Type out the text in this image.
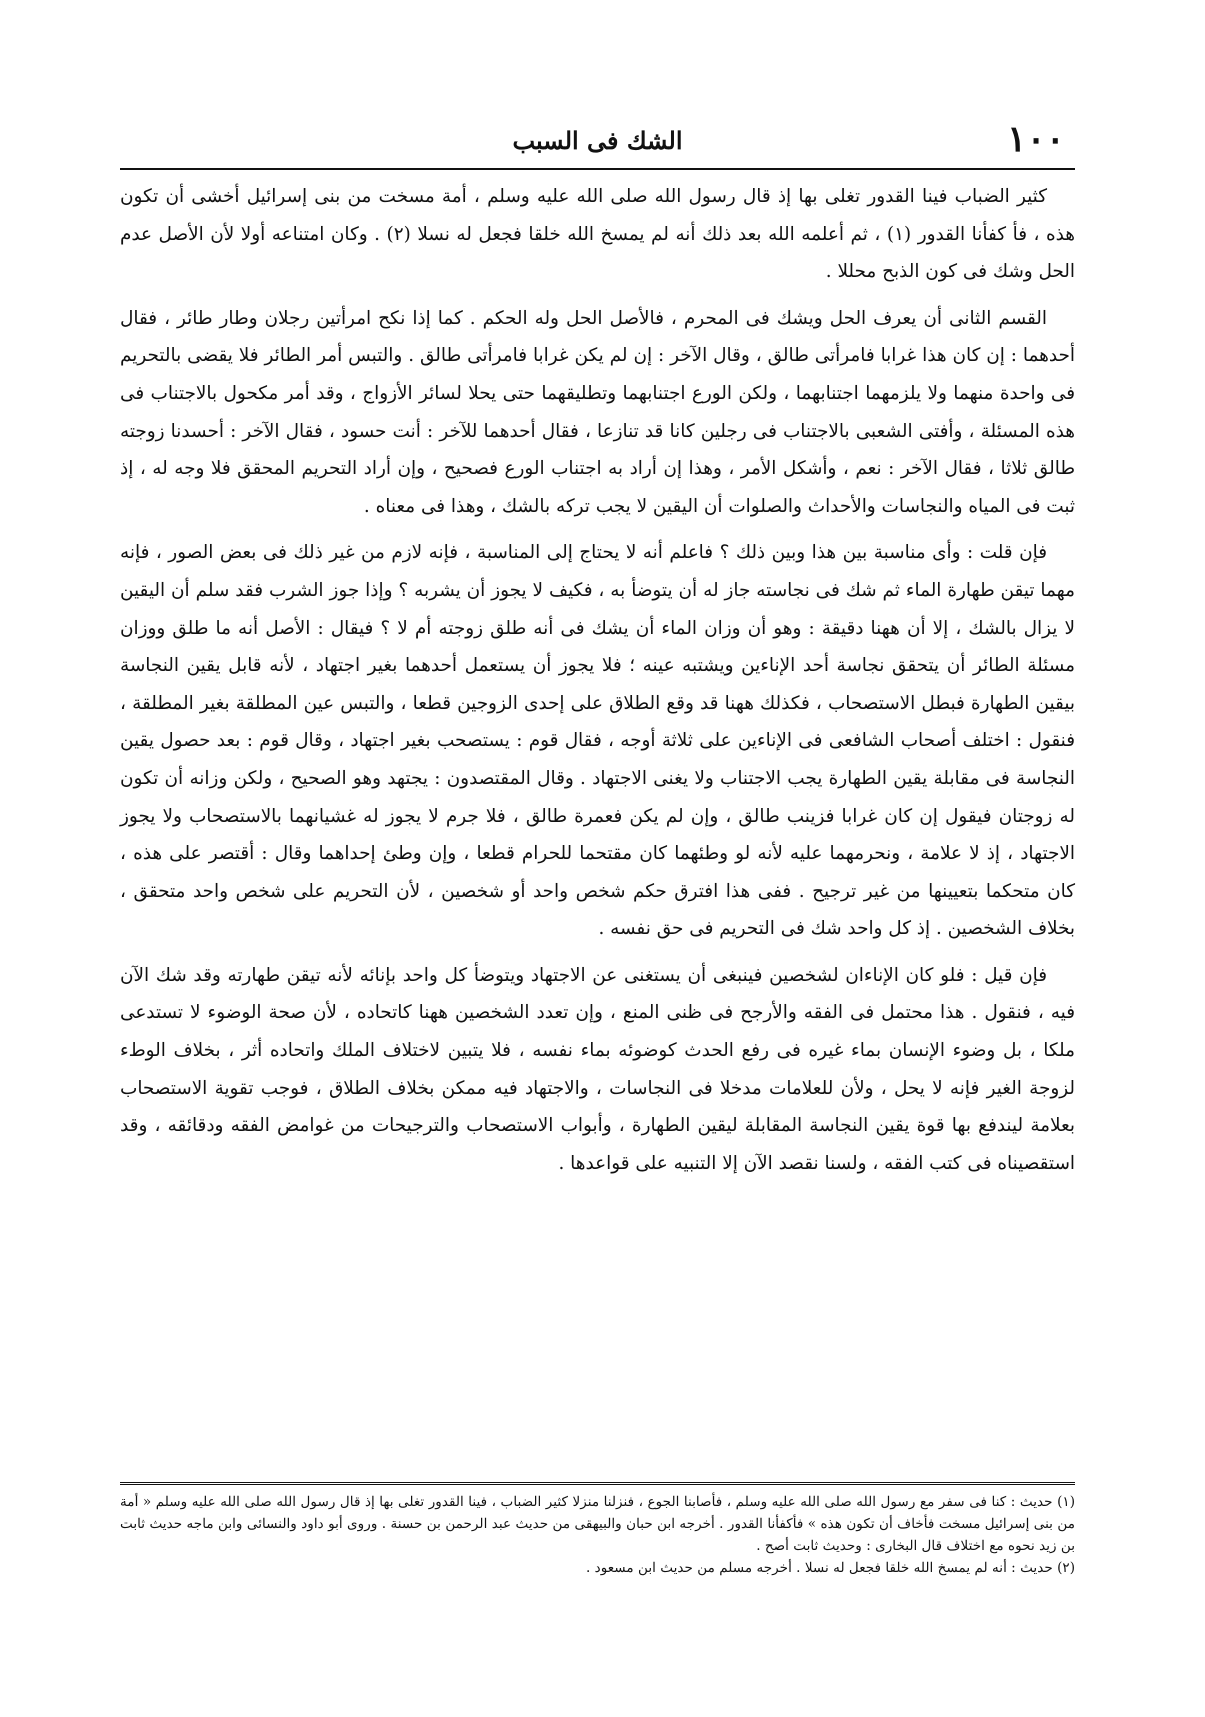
١٠٠
الشك فى السبب

كثير الضباب فينا القدور تغلى بها إذ قال رسول الله صلى الله عليه وسلم ، أمة مسخت من بنى إسرائيل أخشى أن تكون هذه ، فأ كفأنا القدور (١) ، ثم أعلمه الله بعد ذلك أنه لم يمسخ الله خلقا فجعل له نسلا (٢) . وكان امتناعه أولا لأن الأصل عدم الحل وشك فى كون الذبح محللا .

القسم الثانى أن يعرف الحل ويشك فى المحرم ، فالأصل الحل وله الحكم . كما إذا نكح امرأتين رجلان وطار طائر ، فقال أحدهما : إن كان هذا غرابا فامرأتى طالق ، وقال الآخر : إن لم يكن غرابا فامرأتى طالق . والتبس أمر الطائر فلا يقضى بالتحريم فى واحدة منهما ولا يلزمهما اجتنابهما ، ولكن الورع اجتنابهما وتطليقهما حتى يحلا لسائر الأزواج ، وقد أمر مكحول بالاجتناب فى هذه المسئلة ، وأفتى الشعبى بالاجتناب فى رجلين كانا قد تنازعا ، فقال أحدهما للآخر : أنت حسود ، فقال الآخر : أحسدنا زوجته طالق ثلاثا ، فقال الآخر : نعم ، وأشكل الأمر ، وهذا إن أراد به اجتناب الورع فصحيح ، وإن أراد التحريم المحقق فلا وجه له ، إذ ثبت فى المياه والنجاسات والأحداث والصلوات أن اليقين لا يجب تركه بالشك ، وهذا فى معناه .

فإن قلت : وأى مناسبة بين هذا وبين ذلك ؟ فاعلم أنه لا يحتاج إلى المناسبة ، فإنه لازم من غير ذلك فى بعض الصور ، فإنه مهما تيقن طهارة الماء ثم شك فى نجاسته جاز له أن يتوضأ به ، فكيف لا يجوز أن يشربه ؟ وإذا جوز الشرب فقد سلم أن اليقين لا يزال بالشك ، إلا أن ههنا دقيقة : وهو أن وزان الماء أن يشك فى أنه طلق زوجته أم لا ؟ فيقال : الأصل أنه ما طلق ووزان مسئلة الطائر أن يتحقق نجاسة أحد الإناءين ويشتبه عينه ؛ فلا يجوز أن يستعمل أحدهما بغير اجتهاد ، لأنه قابل يقين النجاسة بيقين الطهارة فبطل الاستصحاب ، فكذلك ههنا قد وقع الطلاق على إحدى الزوجين قطعا ، والتبس عين المطلقة بغير المطلقة ، فنقول : اختلف أصحاب الشافعى فى الإناءين على ثلاثة أوجه ، فقال قوم : يستصحب بغير اجتهاد ، وقال قوم : بعد حصول يقين النجاسة فى مقابلة يقين الطهارة يجب الاجتناب ولا يغنى الاجتهاد . وقال المقتصدون : يجتهد وهو الصحيح ، ولكن وزانه أن تكون له زوجتان فيقول إن كان غرابا فزينب طالق ، وإن لم يكن فعمرة طالق ، فلا جرم لا يجوز له غشيانهما بالاستصحاب ولا يجوز الاجتهاد ، إذ لا علامة ، ونحرمهما عليه لأنه لو وطئهما كان مقتحما للحرام قطعا ، وإن وطئ إحداهما وقال : أقتصر على هذه ، كان متحكما بتعيينها من غير ترجيح . ففى هذا افترق حكم شخص واحد أو شخصين ، لأن التحريم على شخص واحد متحقق ، بخلاف الشخصين . إذ كل واحد شك فى التحريم فى حق نفسه .

فإن قيل : فلو كان الإناءان لشخصين فينبغى أن يستغنى عن الاجتهاد ويتوضأ كل واحد بإنائه لأنه تيقن طهارته وقد شك الآن فيه ، فنقول . هذا محتمل فى الفقه والأرجح فى ظنى المنع ، وإن تعدد الشخصين ههنا كاتحاده ، لأن صحة الوضوء لا تستدعى ملكا ، بل وضوء الإنسان بماء غيره فى رفع الحدث كوضوئه بماء نفسه ، فلا يتبين لاختلاف الملك واتحاده أثر ، بخلاف الوطء لزوجة الغير فإنه لا يحل ، ولأن للعلامات مدخلا فى النجاسات ، والاجتهاد فيه ممكن بخلاف الطلاق ، فوجب تقوية الاستصحاب بعلامة ليندفع بها قوة يقين النجاسة المقابلة ليقين الطهارة ، وأبواب الاستصحاب والترجيحات من غوامض الفقه ودقائقه ، وقد استقصيناه فى كتب الفقه ، ولسنا نقصد الآن إلا التنبيه على قواعدها .

(١) حديث : كنا فى سفر مع رسول الله صلى الله عليه وسلم ، فأصابنا الجوع ، فنزلنا منزلا كثير الضباب ، فينا القدور تغلى بها إذ قال رسول الله صلى الله عليه وسلم « أمة من بنى إسرائيل مسخت فأخاف أن تكون هذه » فأكفأنا القدور . أخرجه ابن حبان والبيهقى من حديث عبد الرحمن بن حسنة . وروى أبو داود والنسائى وابن ماجه حديث ثابت بن زيد نحوه مع اختلاف قال البخارى : وحديث ثابت أصح .

(٢) حديث : أنه لم يمسخ الله خلقا فجعل له نسلا . أخرجه مسلم من حديث ابن مسعود .
